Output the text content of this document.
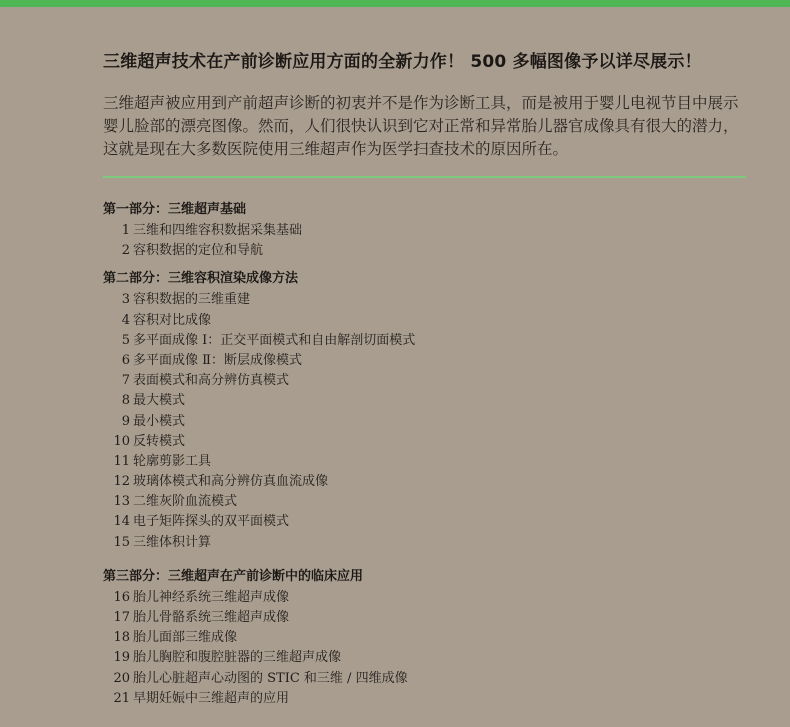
三维超声技术在产前诊断应用方面的全新力作！ 500 多幅图像予以详尽展示！
三维超声被应用到产前超声诊断的初衷并不是作为诊断工具，而是被用于婴儿电视节目中展示婴儿脸部的漂亮图像。然而，人们很快认识到它对正常和异常胎儿器官成像具有很大的潜力，这就是现在大多数医院使用三维超声作为医学扫查技术的原因所在。
第一部分：三维超声基础
1 三维和四维容积数据采集基础
2 容积数据的定位和导航
第二部分：三维容积渲染成像方法
3 容积数据的三维重建
4 容积对比成像
5 多平面成像 Ⅰ：正交平面模式和自由解剖切面模式
6 多平面成像 Ⅱ：断层成像模式
7 表面模式和高分辨仿真模式
8 最大模式
9 最小模式
10 反转模式
11 轮廓剪影工具
12 玻璃体模式和高分辨仿真血流成像
13 二维灰阶血流模式
14 电子矩阵探头的双平面模式
15 三维体积计算
第三部分：三维超声在产前诊断中的临床应用
16 胎儿神经系统三维超声成像
17 胎儿骨骼系统三维超声成像
18 胎儿面部三维成像
19 胎儿胸腔和腹腔脏器的三维超声成像
20 胎儿心脏超声心动图的 STIC 和三维 / 四维成像
21 早期妊娠中三维超声的应用
